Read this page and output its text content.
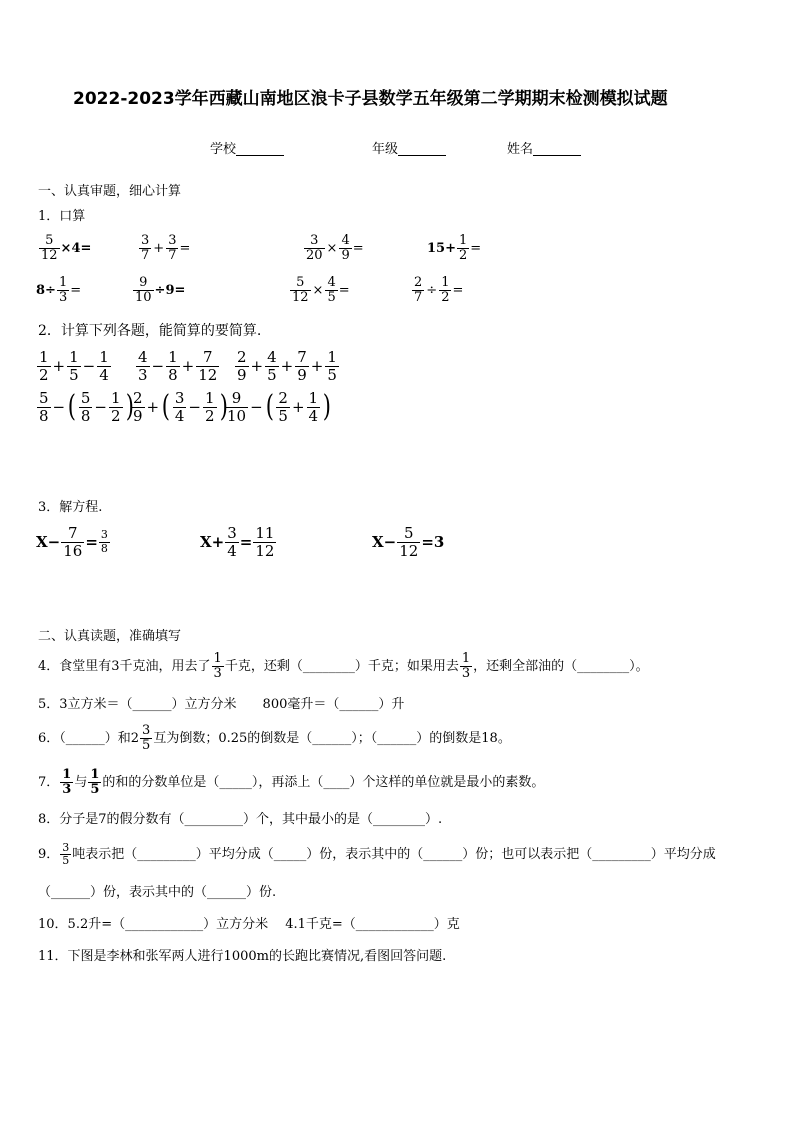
2022-2023学年西藏山南地区浪卡子县数学五年级第二学期期末检测模拟试题
学校	年级	姓名
一、认真审题，细心计算
1．口算
$\frac{5}{12} \times 4=$	$\frac{3}{7} + \frac{3}{7}$ =	$\frac{3}{20} \times \frac{4}{9}$ =	$15+ \frac{1}{2}$ =
$8\div \frac{1}{3}$ =	$\frac{9}{10} \div 9=$	$\frac{5}{12} \times \frac{4}{5}$ =	$\frac{2}{7} \div \frac{1}{2}$ =
2．计算下列各题，能简算的要简算.
$\frac{1}{2} + \frac{1}{5} - \frac{1}{4} \frac{4}{3} - \frac{1}{8} + \frac{7}{12} \frac{2}{9} + \frac{4}{5} + \frac{7}{9} + \frac{1}{5}$
$\frac{5}{8}$ − ( $\frac{5}{8} - \frac{1}{2}$ )
$\frac{2}{9}$ + ( $\frac{3}{4} - \frac{1}{2}$ )
$\frac{9}{10}$ − ( $\frac{2}{5} + \frac{1}{4}$ )
3．解方程.
$X- \frac{7}{16} = \frac{3}{8}$	$X+ \frac{3}{4} = \frac{11}{12}$	$X- \frac{5}{12} =3$
二、认真读题，准确填写
4．食堂里有3千克油，用去了 $\frac{1}{3}$ 千克，还剩（________）千克；如果用去 $\frac{1}{3}$ ，还剩全部油的（________）。
5．3立方米＝（______）立方分米　　800毫升＝（______）升
6．（______）和$2 \frac{3}{5}$ 互为倒数；0.25的倒数是（______）；（______）的倒数是18。
7． $\frac{1}{3}$ 与 $\frac{1}{5}$ 的和的分数单位是（_____），再添上（____）个这样的单位就是最小的素数。
8．分子是7的假分数有（_________）个，其中最小的是（________）.
9． $\frac{3}{5}$ 吨表示把（_________）平均分成（_____）份，表示其中的（______）份；也可以表示把（_________）平均分成
（______）份，表示其中的（______）份.
10．5.2升=（____________）立方分米　 4.1千克=（____________）克
11．下图是李林和张军两人进行1000m的长跑比赛情况,看图回答问题.
